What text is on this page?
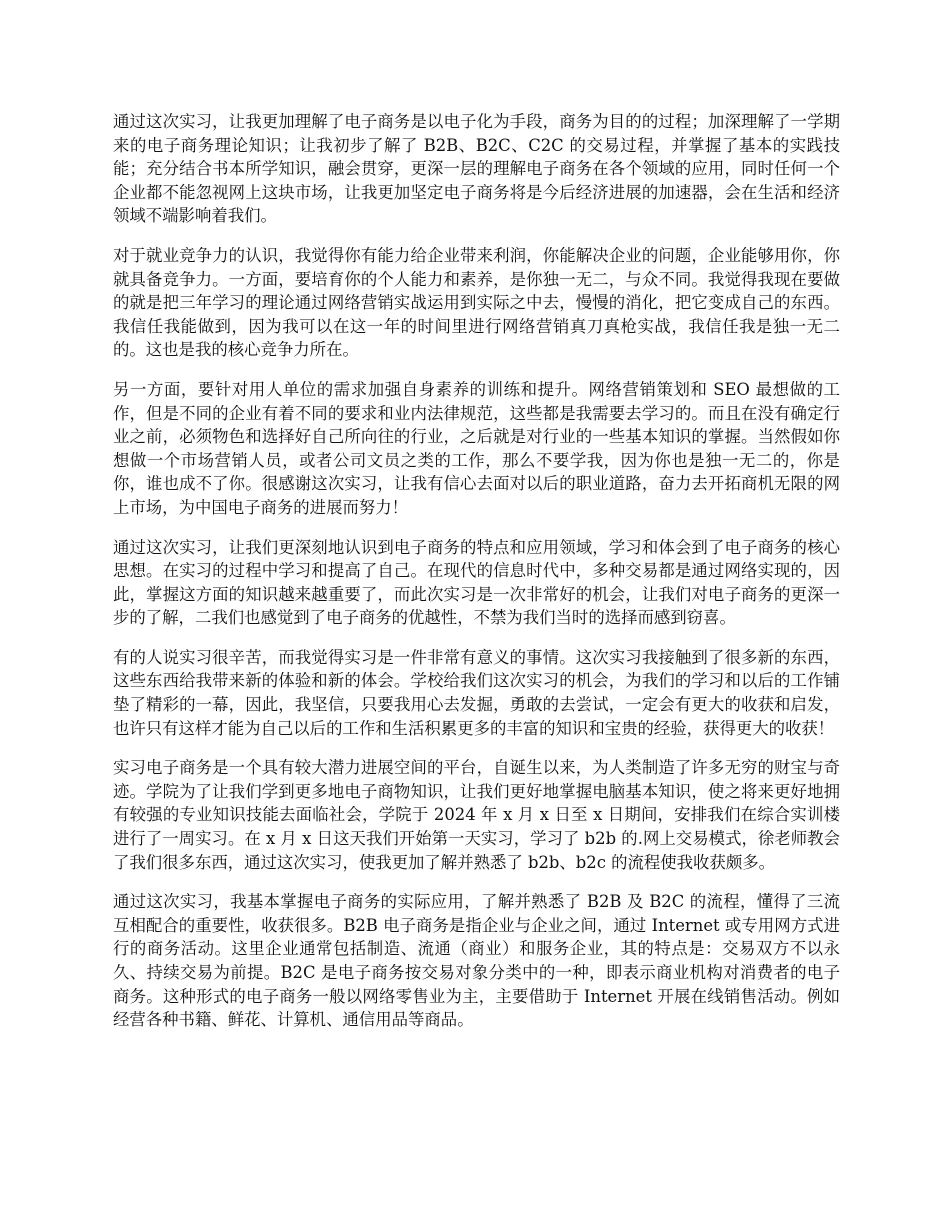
通过这次实习，让我更加理解了电子商务是以电子化为手段，商务为目的的过程；加深理解了一学期来的电子商务理论知识；让我初步了解了 B2B、B2C、C2C 的交易过程，并掌握了基本的实践技能；充分结合书本所学知识，融会贯穿，更深一层的理解电子商务在各个领域的应用，同时任何一个企业都不能忽视网上这块市场，让我更加坚定电子商务将是今后经济进展的加速器，会在生活和经济领域不端影响着我们。

对于就业竞争力的认识，我觉得你有能力给企业带来利润，你能解决企业的问题，企业能够用你，你就具备竞争力。一方面，要培育你的个人能力和素养，是你独一无二，与众不同。我觉得我现在要做的就是把三年学习的理论通过网络营销实战运用到实际之中去，慢慢的消化，把它变成自己的东西。我信任我能做到，因为我可以在这一年的时间里进行网络营销真刀真枪实战，我信任我是独一无二的。这也是我的核心竞争力所在。

另一方面，要针对用人单位的需求加强自身素养的训练和提升。网络营销策划和 SEO 最想做的工作，但是不同的企业有着不同的要求和业内法律规范，这些都是我需要去学习的。而且在没有确定行业之前，必须物色和选择好自己所向往的行业，之后就是对行业的一些基本知识的掌握。当然假如你想做一个市场营销人员，或者公司文员之类的工作，那么不要学我，因为你也是独一无二的，你是你，谁也成不了你。很感谢这次实习，让我有信心去面对以后的职业道路，奋力去开拓商机无限的网上市场，为中国电子商务的进展而努力！

通过这次实习，让我们更深刻地认识到电子商务的特点和应用领域，学习和体会到了电子商务的核心思想。在实习的过程中学习和提高了自己。在现代的信息时代中，多种交易都是通过网络实现的，因此，掌握这方面的知识越来越重要了，而此次实习是一次非常好的机会，让我们对电子商务的更深一步的了解，二我们也感觉到了电子商务的优越性，不禁为我们当时的选择而感到窃喜。

有的人说实习很辛苦，而我觉得实习是一件非常有意义的事情。这次实习我接触到了很多新的东西，这些东西给我带来新的体验和新的体会。学校给我们这次实习的机会，为我们的学习和以后的工作铺垫了精彩的一幕，因此，我坚信，只要我用心去发掘，勇敢的去尝试，一定会有更大的收获和启发，也许只有这样才能为自己以后的工作和生活积累更多的丰富的知识和宝贵的经验，获得更大的收获！

实习电子商务是一个具有较大潜力进展空间的平台，自诞生以来，为人类制造了许多无穷的财宝与奇迹。学院为了让我们学到更多地电子商物知识，让我们更好地掌握电脑基本知识，使之将来更好地拥有较强的专业知识技能去面临社会，学院于 2024 年 x 月 x 日至 x 日期间，安排我们在综合实训楼进行了一周实习。在 x 月 x 日这天我们开始第一天实习，学习了 b2b 的.网上交易模式，徐老师教会了我们很多东西，通过这次实习，使我更加了解并熟悉了 b2b、b2c 的流程使我收获颇多。

通过这次实习，我基本掌握电子商务的实际应用，了解并熟悉了 B2B 及 B2C 的流程，懂得了三流互相配合的重要性，收获很多。B2B 电子商务是指企业与企业之间，通过 Internet 或专用网方式进行的商务活动。这里企业通常包括制造、流通（商业）和服务企业，其的特点是：交易双方不以永久、持续交易为前提。B2C 是电子商务按交易对象分类中的一种，即表示商业机构对消费者的电子商务。这种形式的电子商务一般以网络零售业为主，主要借助于 Internet 开展在线销售活动。例如经营各种书籍、鲜花、计算机、通信用品等商品。
